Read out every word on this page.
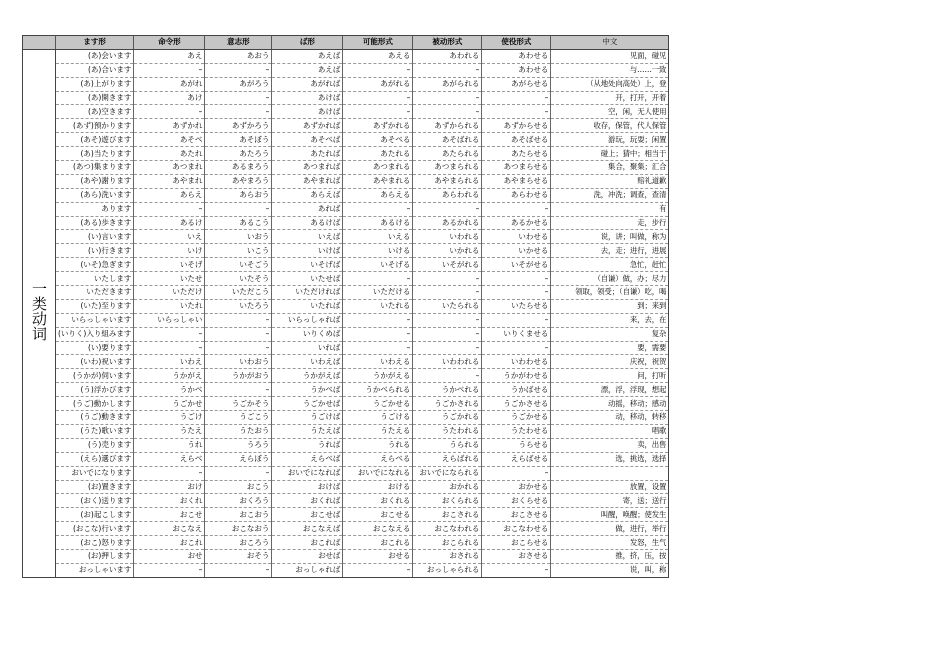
	ます形	命令形	意志形	ば形	可能形式	被动形式	使役形式	中文
一类动词	(あ)会います	あえ	あおう	あえば	あえる	あわれる	あわせる	见面，碰见
	(あ)合います	–	–	あえば	–	–	あわせる	与……一致
	(あ)上がります	あがれ	あがろう	あがれば	あがれる	あがられる	あがらせる	（从地处向高处）上，登
	(あ)開きます	あけ	–	あけば	–	–	–	开，打开，开着
	(あ)空きます	–	–	あけば	–	–	–	空，闲，无人使用
	(あず)預かります	あずかれ	あずかろう	あずかれば	あずかれる	あずかられる	あずからせる	收存，保管，代人保管
	(あそ)遊びます	あそべ	あそぼう	あそべば	あそべる	あそばれる	あそばせる	游玩，玩耍；闲置
	(あ)当たります	あたれ	あたろう	あたれば	あたれる	あたられる	あたらせる	碰上；猜中；相当于
	(あつ)集まります	あつまれ	あるまろう	あつまれば	あつまれる	あつまられる	あつまらせる	集合，聚集；汇合
	(あや)謝ります	あやまれ	あやまろう	あやまれば	あやまれる	あやまられる	あやまらせる	赔礼道歉
	(あら)洗います	あらえ	あらおう	あらえば	あらえる	あらわれる	あらわせる	洗，冲洗；调查，查清
	あります	–	–	あれば	–	–	–	有
	(ある)歩きます	あるけ	あるこう	あるけば	あるける	あるかれる	あるかせる	走，步行
	(い)言います	いえ	いおう	いえば	いえる	いわれる	いわせる	说，讲；叫做，称为
	(い)行きます	いけ	いこう	いけば	いける	いかれる	いかせる	去，走；进行，进展
	(いそ)急ぎます	いそげ	いそごう	いそげば	いそげる	いそがれる	いそがせる	急忙，赶忙
	いたします	いたせ	いたそう	いたせば	–	–	–	（自谦）做，办；尽力
	いただきます	いただけ	いただこう	いただければ	いただける	–	–	领取，领受；（自谦）吃，喝
	(いた)至ります	いたれ	いたろう	いたれば	いたれる	いたられる	いたらせる	到；来到
	いらっしゃいます	いらっしゃい	–	いらっしゃれば	–	–	–	来，去，在
	(いりく)入り組みます	–	–	いりくめば	–	–	いりくませる	复杂
	(い)要ります	–	–	いれば	–	–	–	要，需要
	(いわ)祝います	いわえ	いわおう	いわえば	いわえる	いわわれる	いわわせる	庆祝，祝贺
	(うかが)伺います	うかがえ	うかがおう	うかがえば	うかがえる	–	うかがわせる	问，打听
	(う)浮かびます	うかべ	–	うかべば	うかべられる	うかべれる	うかばせる	漂，浮，浮现，想起
	(うご)動かします	うごかせ	うごかそう	うごかせば	うごかせる	うごかされる	うごかさせる	动摇，移动；感动
	(うご)動きます	うごけ	うごこう	うごけば	うごける	うごかれる	うごかせる	动，移动，转移
	(うた)歌います	うたえ	うたおう	うたえば	うたえる	うたわれる	うたわせる	唱歌
	(う)売ります	うれ	うろう	うれば	うれる	うられる	うらせる	卖，出售
	(えら)選びます	えらべ	えらぼう	えらべば	えらべる	えらばれる	えらばせる	选，挑选，选择
	おいでになります	–	–	おいでになれば	おいでになれる	おいでになられる	–	
	(お)置きます	おけ	おこう	おけば	おける	おかれる	おかせる	放置，设置
	(おく)送ります	おくれ	おくろう	おくれば	おくれる	おくられる	おくらせる	寄，送；送行
	(お)起こします	おこせ	おこおう	おこせば	おこせる	おこされる	おこさせる	叫醒，唤醒；使发生
	(おこな)行います	おこなえ	おこなおう	おこなえば	おこなえる	おこなわれる	おこなわせる	做，进行，举行
	(おこ)怒ります	おこれ	おころう	おこれば	おこれる	おこられる	おこらせる	发怒，生气
	(お)押します	おせ	おそう	おせば	おせる	おされる	おさせる	推，挤，压，按
	おっしゃいます	–	–	おっしゃれば	–	おっしゃられる	–	说，叫，称
